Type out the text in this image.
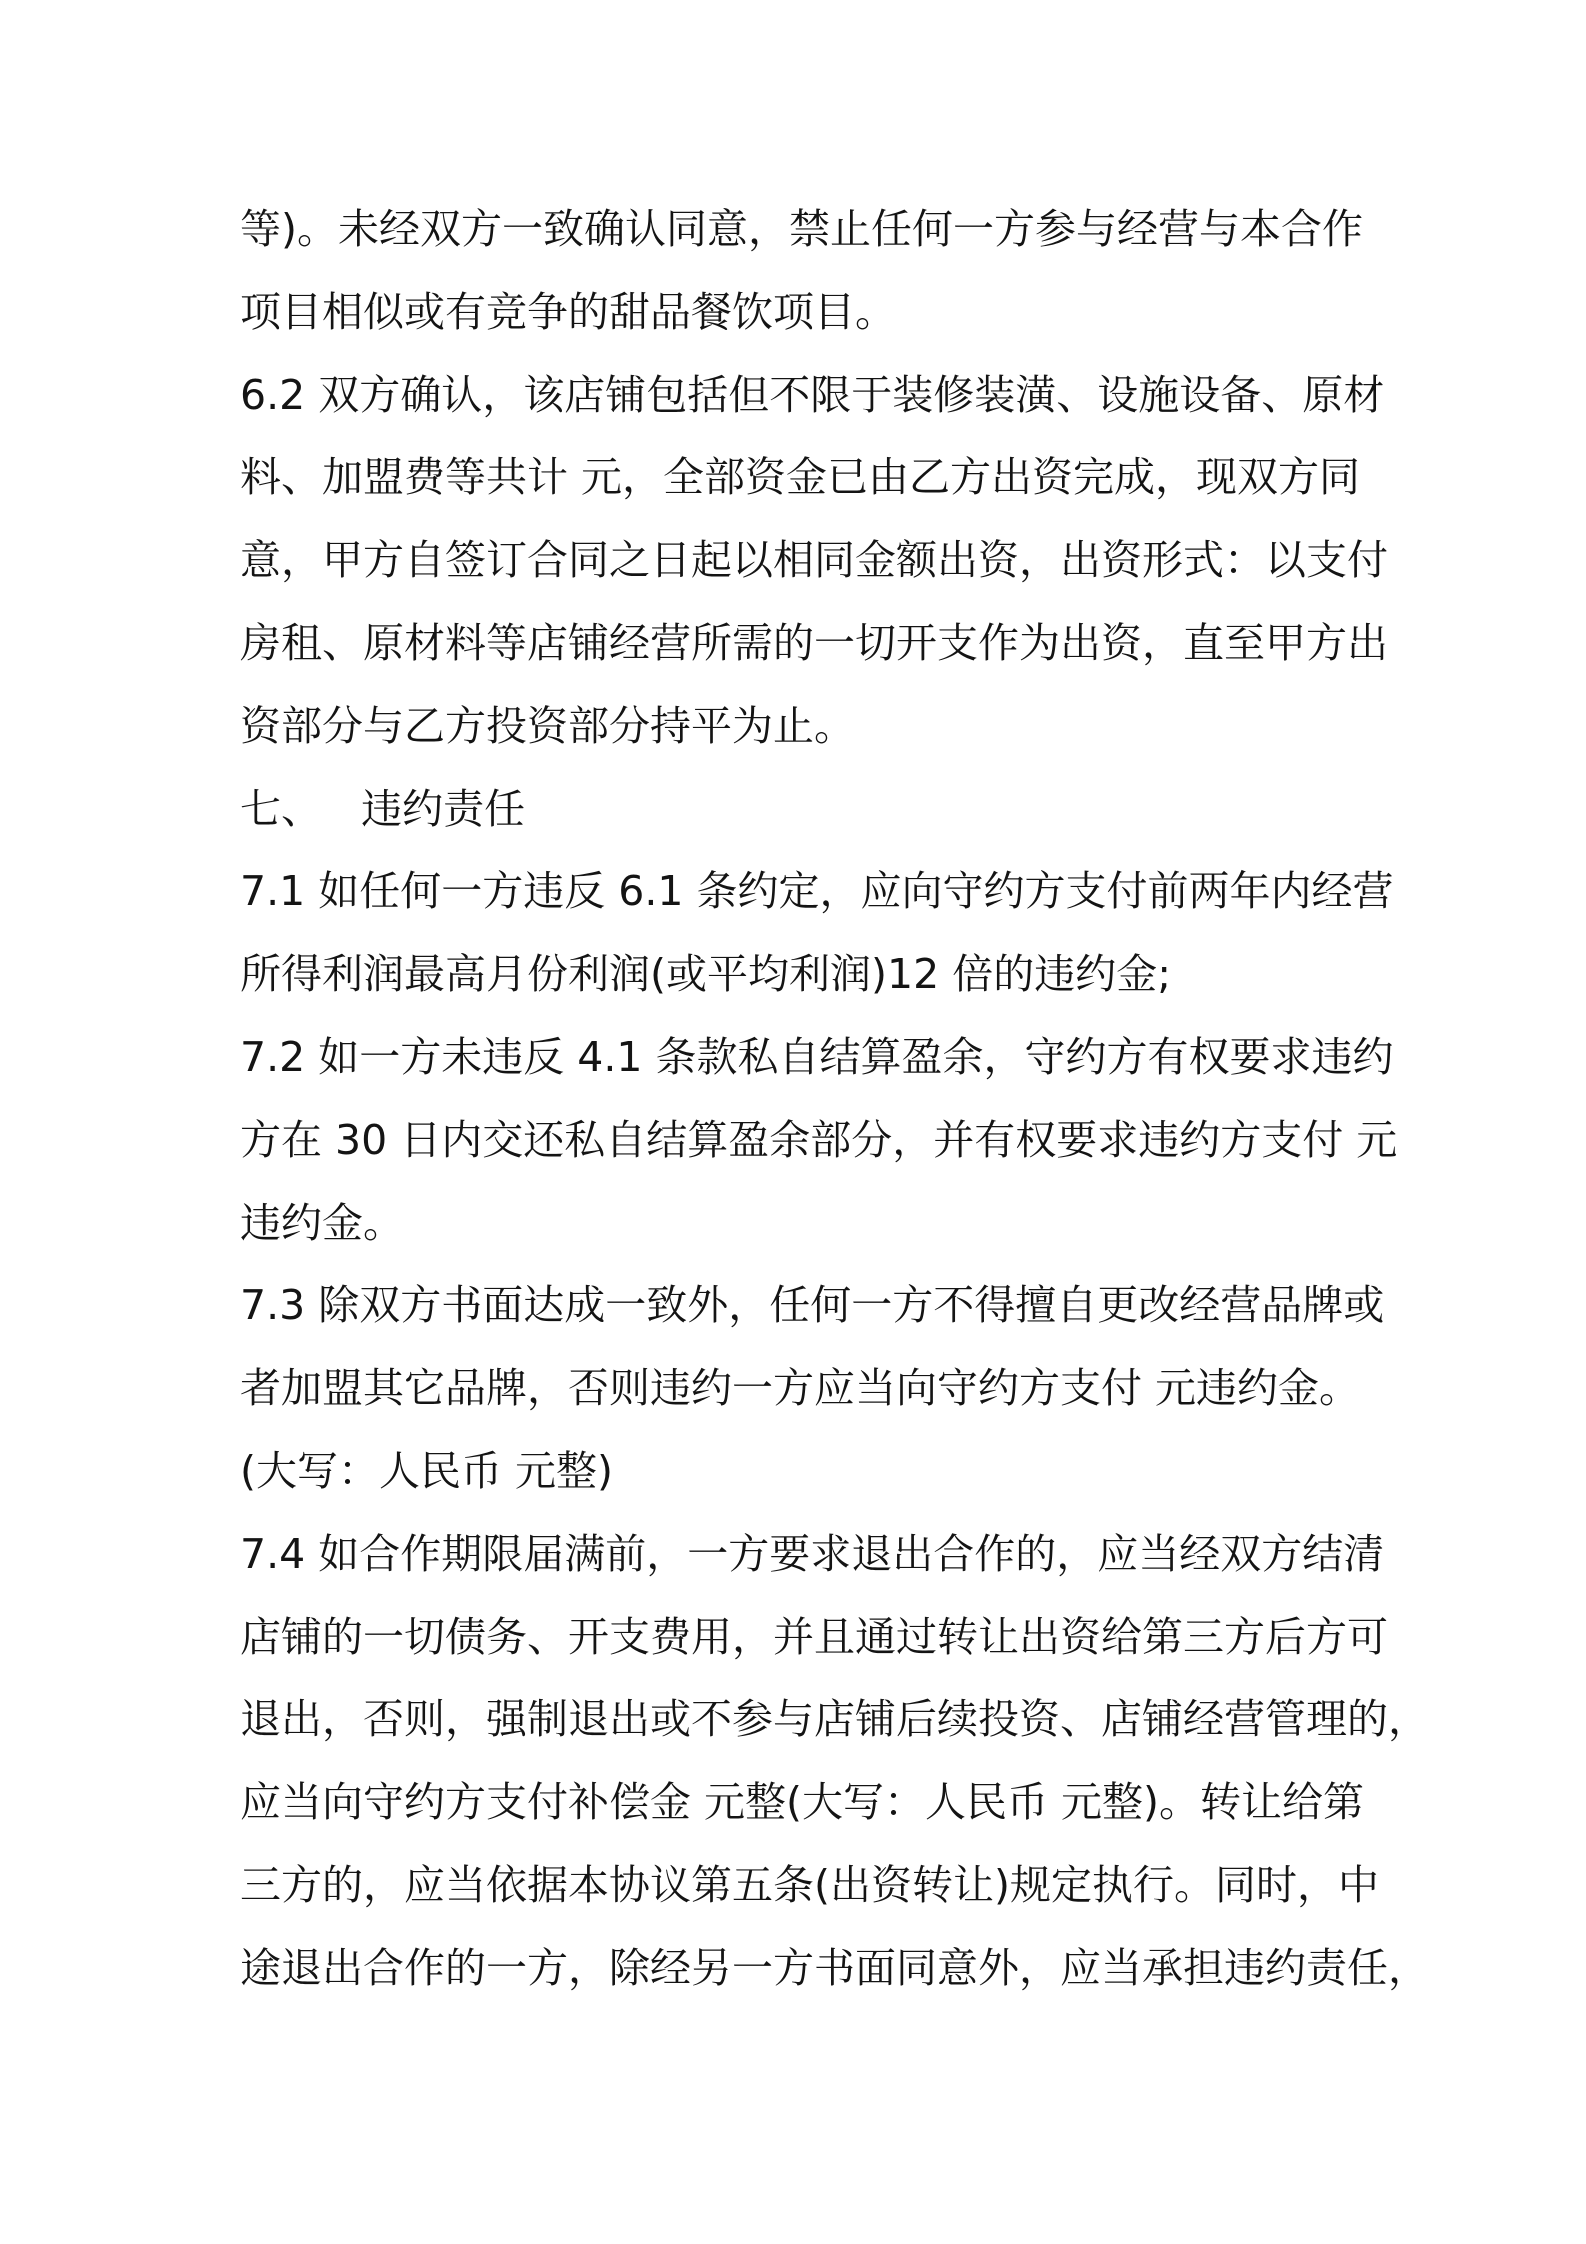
等)。未经双方一致确认同意，禁止任何一方参与经营与本合作
项目相似或有竞争的甜品餐饮项目。
6.2 双方确认，该店铺包括但不限于装修装潢、设施设备、原材
料、加盟费等共计 元，全部资金已由乙方出资完成，现双方同
意，甲方自签订合同之日起以相同金额出资，出资形式：以支付
房租、原材料等店铺经营所需的一切开支作为出资，直至甲方出
资部分与乙方投资部分持平为止。
七、   违约责任
7.1 如任何一方违反 6.1 条约定，应向守约方支付前两年内经营
所得利润最高月份利润(或平均利润)12 倍的违约金;
7.2 如一方未违反 4.1 条款私自结算盈余，守约方有权要求违约
方在 30 日内交还私自结算盈余部分，并有权要求违约方支付 元
违约金。
7.3 除双方书面达成一致外，任何一方不得擅自更改经营品牌或
者加盟其它品牌，否则违约一方应当向守约方支付 元违约金。
(大写：人民币 元整)
7.4 如合作期限届满前，一方要求退出合作的，应当经双方结清
店铺的一切债务、开支费用，并且通过转让出资给第三方后方可
退出，否则，强制退出或不参与店铺后续投资、店铺经营管理的，
应当向守约方支付补偿金 元整(大写：人民币 元整)。转让给第
三方的，应当依据本协议第五条(出资转让)规定执行。同时，中
途退出合作的一方，除经另一方书面同意外，应当承担违约责任，
